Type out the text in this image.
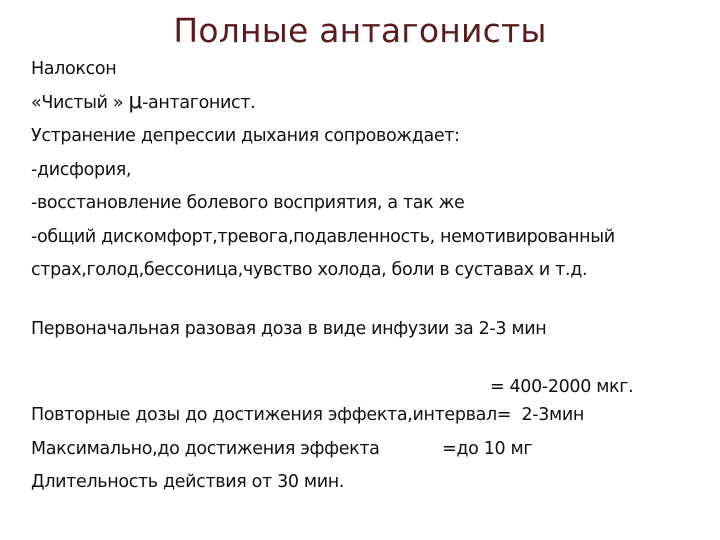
Полные антагонисты
Налоксон
«Чистый » μ-антагонист.
Устранение депрессии дыхания сопровождает:
-дисфория,
-восстановление болевого восприятия, а так же
-общий дискомфорт,тревога,подавленность, немотивированный
страх,голод,бессоница,чувство холода, боли в суставах и т.д.
Первоначальная разовая доза в виде инфузии за 2-3 мин
= 400-2000 мкг.
Повторные дозы до достижения эффекта,интервал=  2-3мин
Максимально,до достижения эффекта            =до 10 мг
Длительность действия от 30 мин.
